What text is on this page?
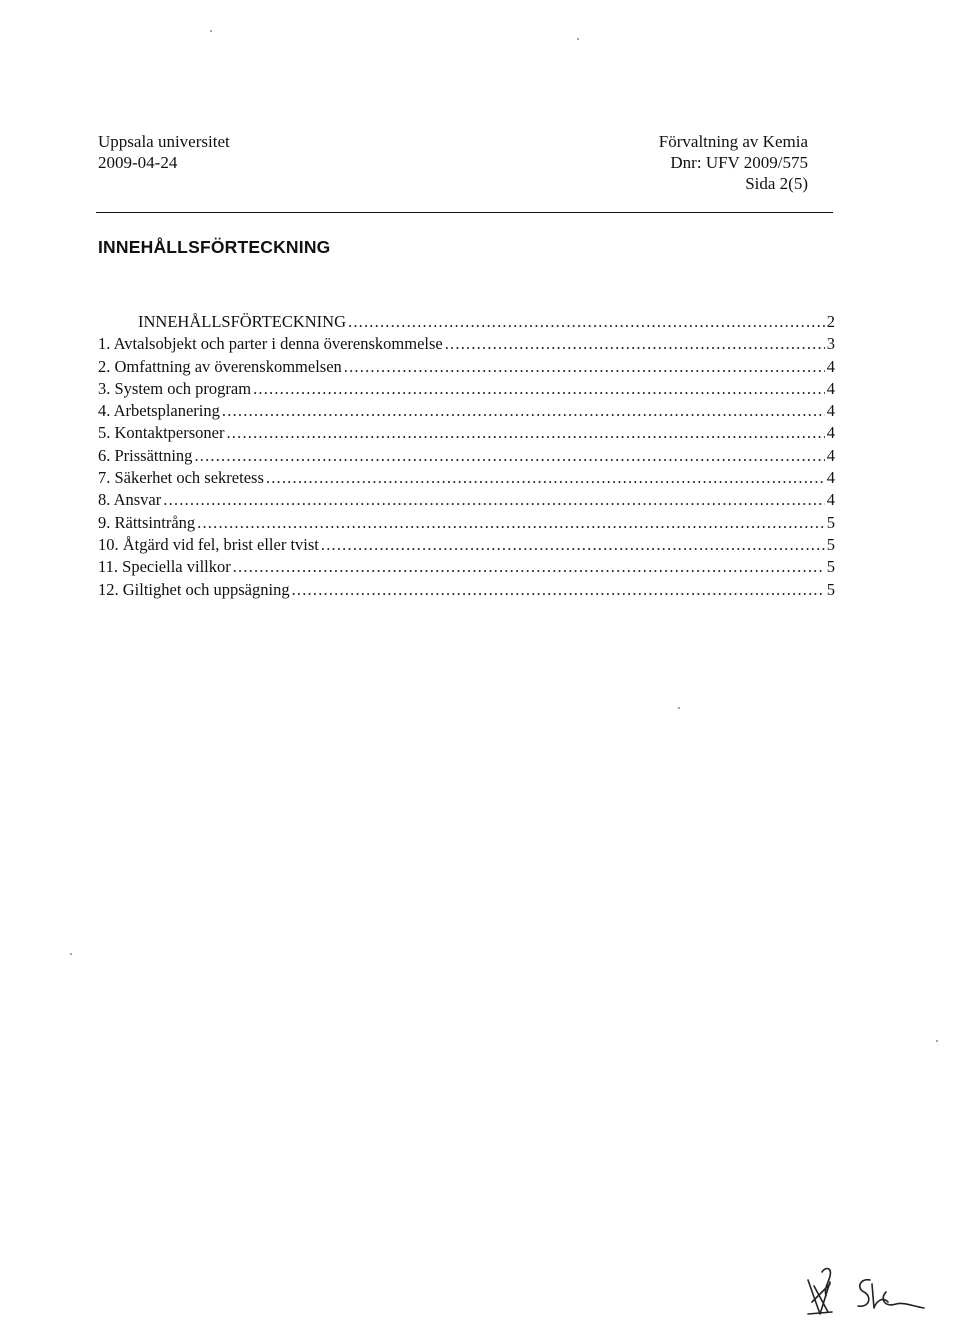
Uppsala universitet
2009-04-24
Förvaltning av Kemia
Dnr: UFV 2009/575
Sida 2(5)
INNEHÅLLSFÖRTECKNING
INNEHÅLLSFÖRTECKNING .....	2
1. Avtalsobjekt och parter i denna överenskommelse .....	3
2. Omfattning av överenskommelsen .....	4
3. System och program .....	4
4. Arbetsplanering .....	4
5. Kontaktpersoner .....	4
6. Prissättning .....	4
7. Säkerhet och sekretess .....	4
8. Ansvar .....	4
9. Rättsintrång .....	5
10. Åtgärd vid fel, brist eller tvist .....	5
11. Speciella villkor .....	5
12. Giltighet och uppsägning .....	5
